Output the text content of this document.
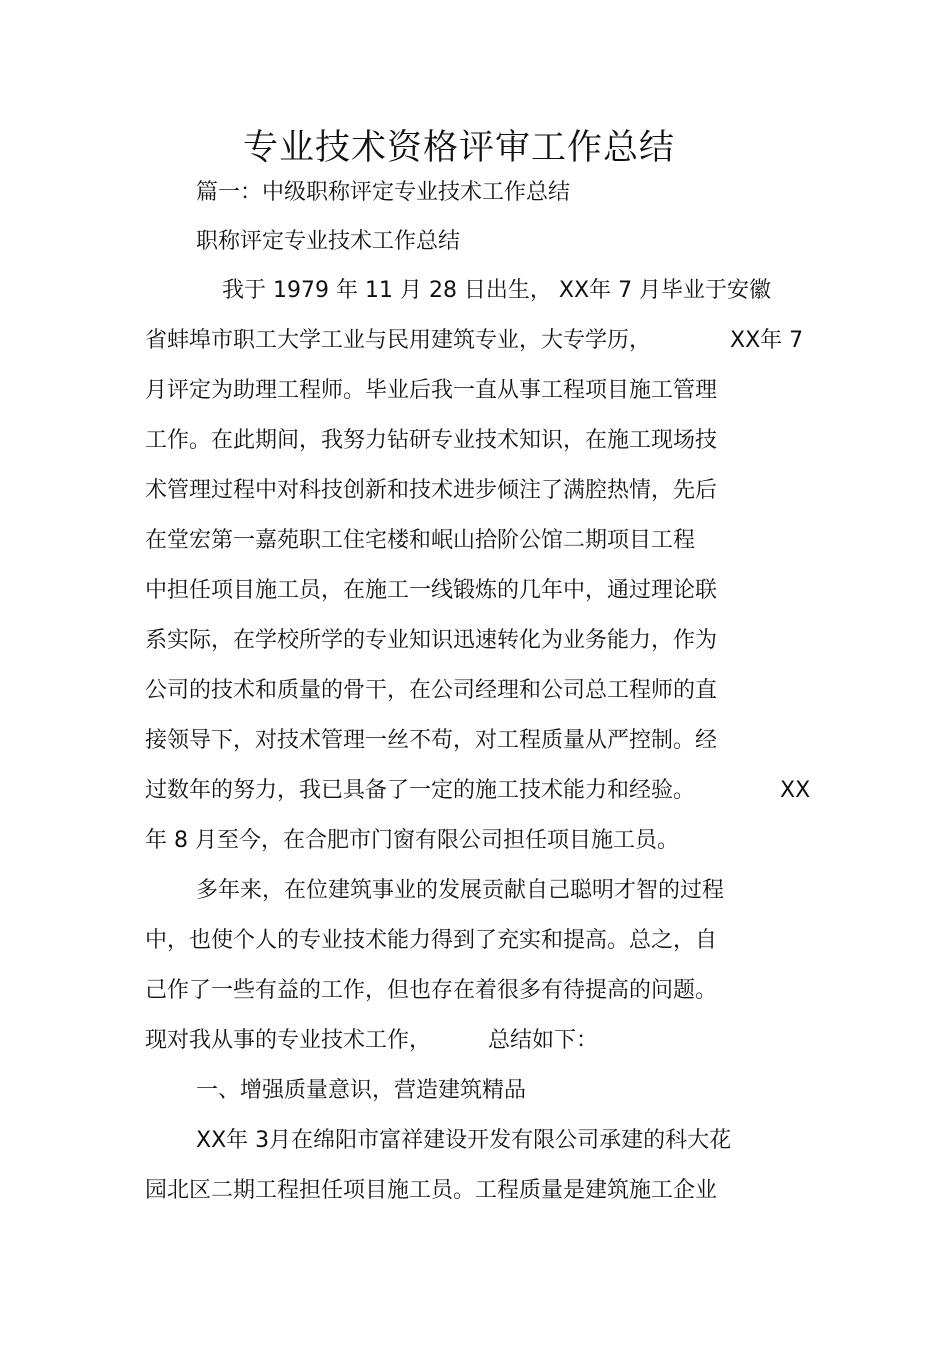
专业技术资格评审工作总结
篇一：中级职称评定专业技术工作总结
职称评定专业技术工作总结
我于 1979 年 11 月 28 日出生， XX年 7 月毕业于安徽
省蚌埠市职工大学工业与民用建筑专业，大专学历，	XX年 7
月评定为助理工程师。毕业后我一直从事工程项目施工管理
工作。在此期间，我努力钻研专业技术知识，在施工现场技
术管理过程中对科技创新和技术进步倾注了满腔热情，先后
在堂宏第一嘉苑职工住宅楼和岷山拾阶公馆二期项目工程
中担任项目施工员，在施工一线锻炼的几年中，通过理论联
系实际，在学校所学的专业知识迅速转化为业务能力，作为
公司的技术和质量的骨干，在公司经理和公司总工程师的直
接领导下，对技术管理一丝不苟，对工程质量从严控制。经
过数年的努力，我已具备了一定的施工技术能力和经验。	XX
年 8 月至今，在合肥市门窗有限公司担任项目施工员。
多年来，在位建筑事业的发展贡献自己聪明才智的过程
中，也使个人的专业技术能力得到了充实和提高。总之，自
己作了一些有益的工作，但也存在着很多有待提高的问题。
现对我从事的专业技术工作，	总结如下：
一、增强质量意识，营造建筑精品
XX年 3月在绵阳市富祥建设开发有限公司承建的科大花
园北区二期工程担任项目施工员。工程质量是建筑施工企业
